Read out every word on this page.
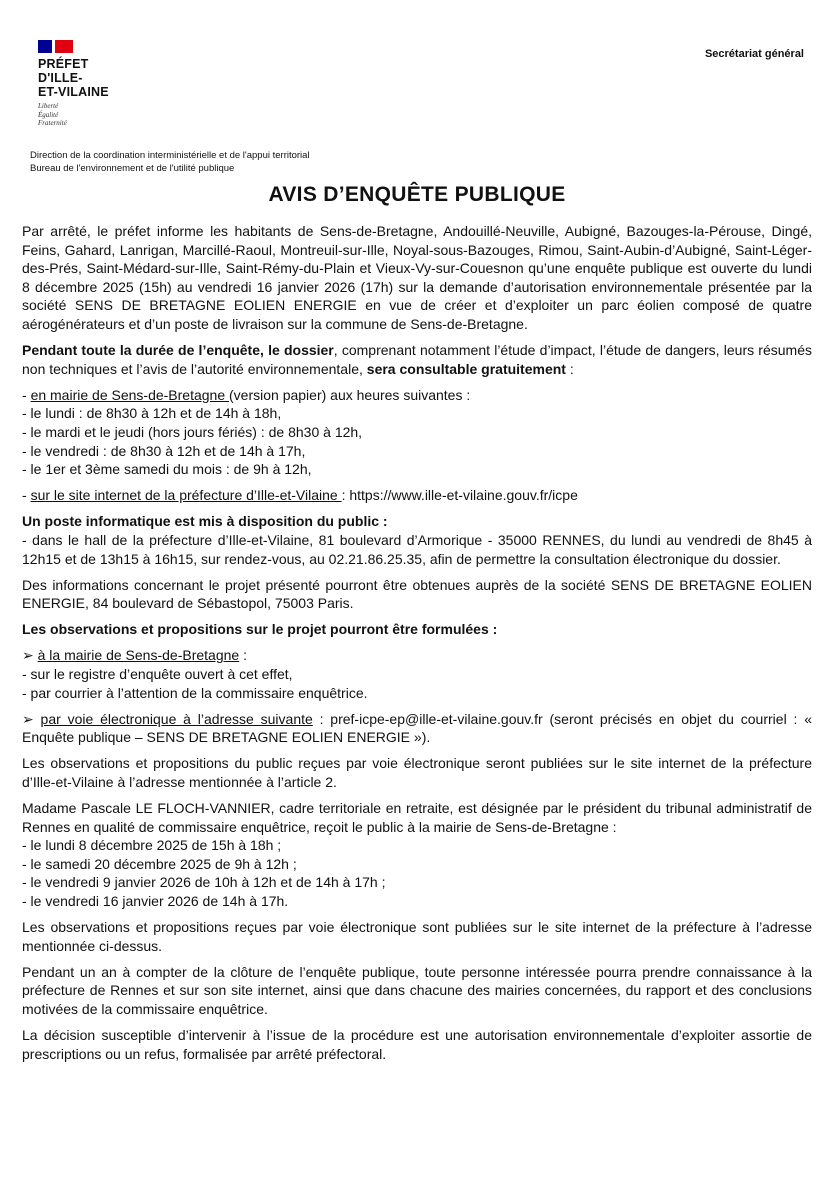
PRÉFET
D'ILLE-
ET-VILAINE
Liberté
Égalité
Fraternité
Secrétariat général
Direction de la coordination interministérielle et de l'appui territorial
Bureau de l'environnement et de l'utilité publique
AVIS D’ENQUÊTE PUBLIQUE

Par arrêté, le préfet informe les habitants de Sens-de-Bretagne, Andouillé-Neuville, Aubigné, Bazouges-la-Pérouse, Dingé, Feins, Gahard, Lanrigan, Marcillé-Raoul, Montreuil-sur-Ille, Noyal-sous-Bazouges, Rimou, Saint-Aubin-d’Aubigné, Saint-Léger-des-Prés, Saint-Médard-sur-Ille, Saint-Rémy-du-Plain et Vieux-Vy-sur-Couesnon qu’une enquête publique est ouverte du lundi 8 décembre 2025 (15h) au vendredi 16 janvier 2026 (17h) sur la demande d’autorisation environnementale présentée par la société SENS DE BRETAGNE EOLIEN ENERGIE en vue de créer et d’exploiter un parc éolien composé de quatre aérogénérateurs et d’un poste de livraison sur la commune de Sens-de-Bretagne.

Pendant toute la durée de l’enquête, le dossier, comprenant notamment l’étude d’impact, l’étude de dangers, leurs résumés non techniques et l’avis de l’autorité environnementale, sera consultable gratuitement :

- en mairie de Sens-de-Bretagne (version papier) aux heures suivantes :

- le lundi : de 8h30 à 12h et de 14h à 18h,

- le mardi et le jeudi (hors jours fériés) : de 8h30 à 12h,

- le vendredi : de 8h30 à 12h et de 14h à 17h,

- le 1er et 3ème samedi du mois : de 9h à 12h,

- sur le site internet de la préfecture d’Ille-et-Vilaine : https://www.ille-et-vilaine.gouv.fr/icpe

Un poste informatique est mis à disposition du public :

- dans le hall de la préfecture d’Ille-et-Vilaine, 81 boulevard d’Armorique - 35000 RENNES, du lundi au vendredi de 8h45 à 12h15 et de 13h15 à 16h15, sur rendez-vous, au 02.21.86.25.35, afin de permettre la consultation électronique du dossier.

Des informations concernant le projet présenté pourront être obtenues auprès de la société SENS DE BRETAGNE EOLIEN ENERGIE, 84 boulevard de Sébastopol, 75003 Paris.

Les observations et propositions sur le projet pourront être formulées :

➢ à la mairie de Sens-de-Bretagne :

- sur le registre d’enquête ouvert à cet effet,

- par courrier à l’attention de la commissaire enquêtrice.

➢ par voie électronique à l’adresse suivante : pref-icpe-ep@ille-et-vilaine.gouv.fr (seront précisés en objet du courriel : « Enquête publique – SENS DE BRETAGNE EOLIEN ENERGIE »).

Les observations et propositions du public reçues par voie électronique seront publiées sur le site internet de la préfecture d’Ille-et-Vilaine à l’adresse mentionnée à l’article 2.

Madame Pascale LE FLOCH-VANNIER, cadre territoriale en retraite, est désignée par le président du tribunal administratif de Rennes en qualité de commissaire enquêtrice, reçoit le public à la mairie de Sens-de-Bretagne :

- le lundi 8 décembre 2025 de 15h à 18h ;

- le samedi 20 décembre 2025 de 9h à 12h ;

- le vendredi 9 janvier 2026 de 10h à 12h et de 14h à 17h ;

- le vendredi 16 janvier 2026 de 14h à 17h.

Les observations et propositions reçues par voie électronique sont publiées sur le site internet de la préfecture à l’adresse mentionnée ci-dessus.

Pendant un an à compter de la clôture de l’enquête publique, toute personne intéressée pourra prendre connaissance à la préfecture de Rennes et sur son site internet, ainsi que dans chacune des mairies concernées, du rapport et des conclusions motivées de la commissaire enquêtrice.

La décision susceptible d’intervenir à l’issue de la procédure est une autorisation environnementale d’exploiter assortie de prescriptions ou un refus, formalisée par arrêté préfectoral.
